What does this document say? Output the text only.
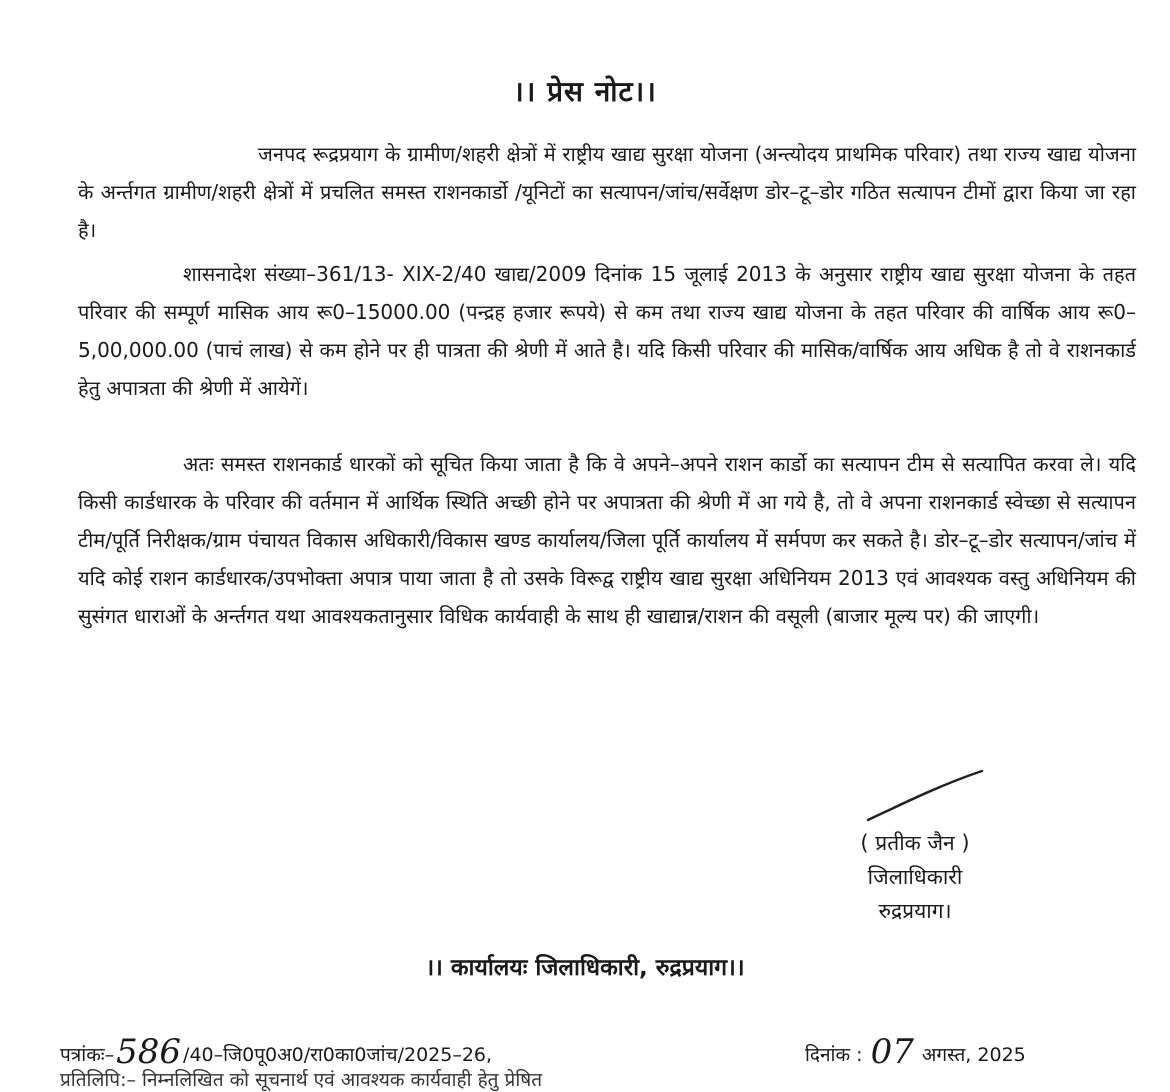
।। प्रेस नोट।।

जनपद रूद्रप्रयाग के ग्रामीण/शहरी क्षेत्रों में राष्ट्रीय खाद्य सुरक्षा योजना (अन्त्योदय प्राथमिक परिवार) तथा राज्य खाद्य योजना के अर्न्तगत ग्रामीण/शहरी क्षेत्रों में प्रचलित समस्त राशनकार्डो /यूनिटों का सत्यापन/जांच/सर्वेक्षण डोर–टू–डोर गठित सत्यापन टीमों द्वारा किया जा रहा है।

शासनादेश संख्या–361/13- XIX-2/40 खाद्य/2009 दिनांक 15 जूलाई 2013 के अनुसार राष्ट्रीय खाद्य सुरक्षा योजना के तहत परिवार की सम्पूर्ण मासिक आय रू0–15000.00 (पन्द्रह हजार रूपये) से कम तथा राज्य खाद्य योजना के तहत परिवार की वार्षिक आय रू0–5,00,000.00 (पाचं लाख) से कम होने पर ही पात्रता की श्रेणी में आते है। यदि किसी परिवार की मासिक/वार्षिक आय अधिक है तो वे राशनकार्ड हेतु अपात्रता की श्रेणी में आयेगें।

अतः समस्त राशनकार्ड धारकों को सूचित किया जाता है कि वे अपने–अपने राशन कार्डो का सत्यापन टीम से सत्यापित करवा ले। यदि किसी कार्डधारक के परिवार की वर्तमान में आर्थिक स्थिति अच्छी होने पर अपात्रता की श्रेणी में आ गये है, तो वे अपना राशनकार्ड स्वेच्छा से सत्यापन टीम/पूर्ति निरीक्षक/ग्राम पंचायत विकास अधिकारी/विकास खण्ड कार्यालय/जिला पूर्ति कार्यालय में सर्मपण कर सकते है। डोर–टू–डोर सत्यापन/जांच में यदि कोई राशन कार्डधारक/उपभोक्ता अपात्र पाया जाता है तो उसके विरूद्व राष्ट्रीय खाद्य सुरक्षा अधिनियम 2013 एवं आवश्यक वस्तु अधिनियम की सुसंगत धाराओं के अर्न्तगत यथा आवश्यकतानुसार विधिक कार्यवाही के साथ ही खाद्यान्न/राशन की वसूली (बाजार मूल्य पर) की जाएगी।

( प्रतीक जैन )
जिलाधिकारी
रुद्रप्रयाग।
।। कार्यालयः जिलाधिकारी, रुद्रप्रयाग।।
पत्रांकः–586 /40–जि0पू0अ0/रा0का0जांच/2025–26,	दिनांक : 07 अगस्त, 2025
प्रतिलिपि:– निम्नलिखित को सूचनार्थ एवं आवश्यक कार्यवाही हेतु प्रेषित
